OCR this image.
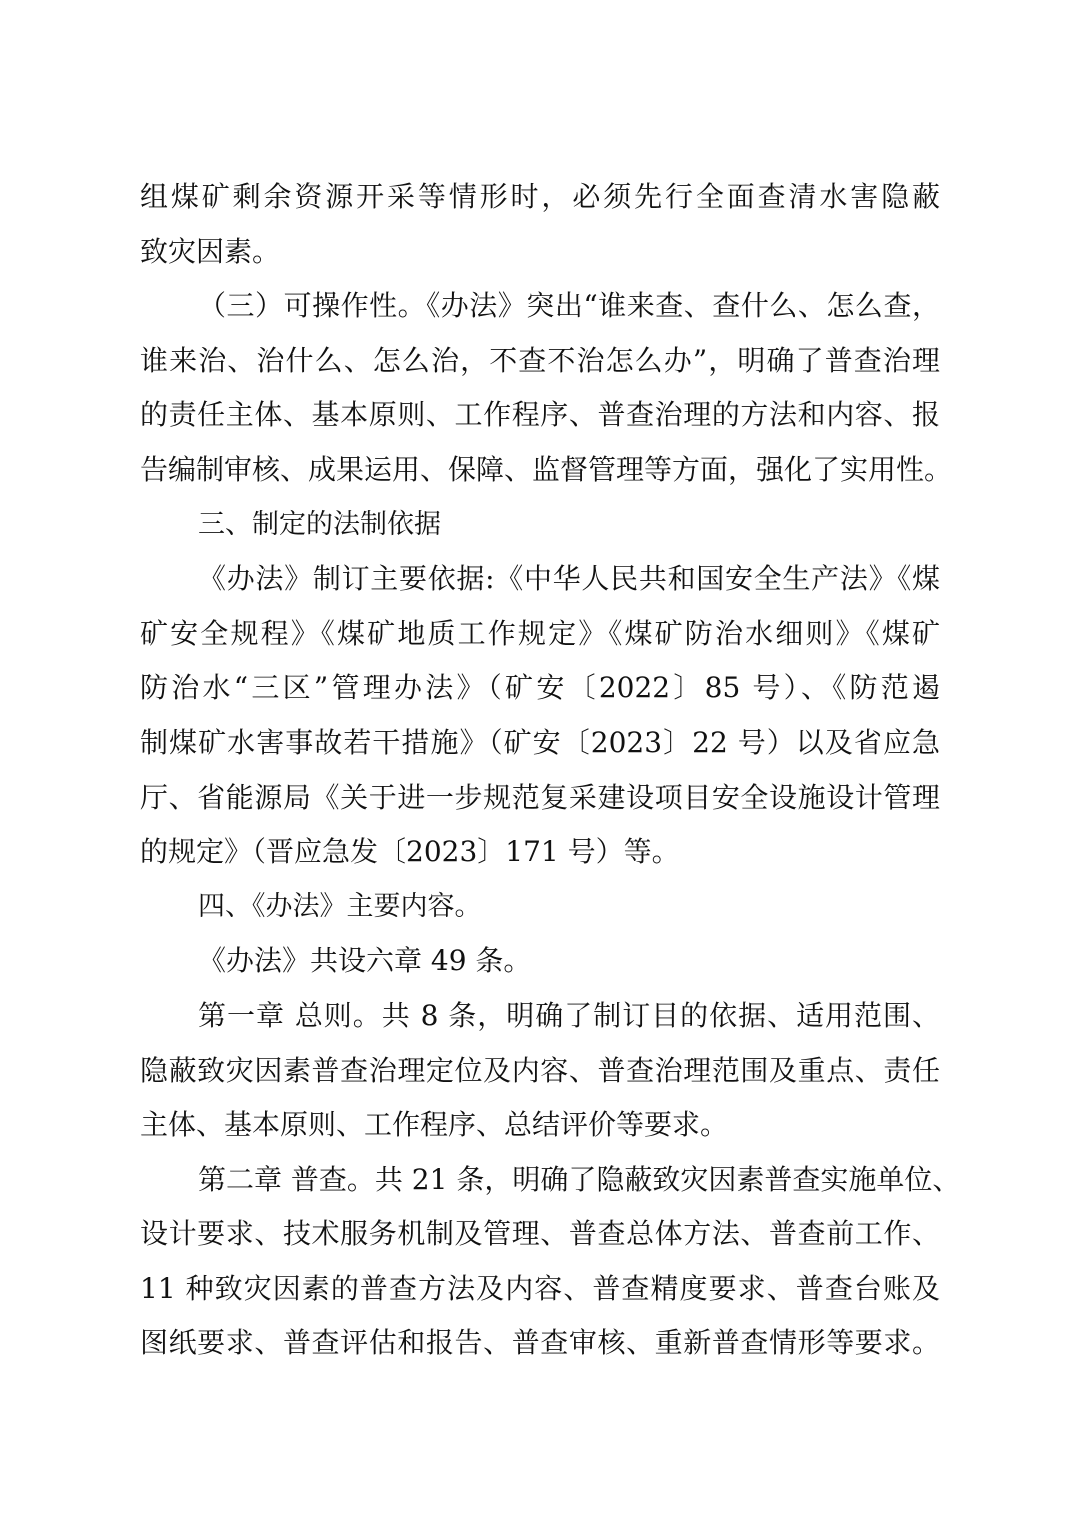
组煤矿剩余资源开采等情形时，必须先行全面查清水害隐蔽
致灾因素。
（三）可操作性。《办法》突出“谁来查、查什么、怎么查，
谁来治、治什么、怎么治，不查不治怎么办”，明确了普查治理
的责任主体、基本原则、工作程序、普查治理的方法和内容、报
告编制审核、成果运用、保障、监督管理等方面，强化了实用性。
三、制定的法制依据
《办法》制订主要依据:《中华人民共和国安全生产法》《煤
矿安全规程》《煤矿地质工作规定》《煤矿防治水细则》《煤矿
防治水“三区”管理办法》（矿安〔2022〕85 号）、《防范遏
制煤矿水害事故若干措施》（矿安〔2023〕22 号）以及省应急
厅、省能源局《关于进一步规范复采建设项目安全设施设计管理
的规定》（晋应急发〔2023〕171 号）等。
四、《办法》主要内容。
《办法》共设六章 49 条。
第一章 总则。共 8 条，明确了制订目的依据、适用范围、
隐蔽致灾因素普查治理定位及内容、普查治理范围及重点、责任
主体、基本原则、工作程序、总结评价等要求。
第二章 普查。共 21 条，明确了隐蔽致灾因素普查实施单位、
设计要求、技术服务机制及管理、普查总体方法、普查前工作、
11 种致灾因素的普查方法及内容、普查精度要求、普查台账及
图纸要求、普查评估和报告、普查审核、重新普查情形等要求。
